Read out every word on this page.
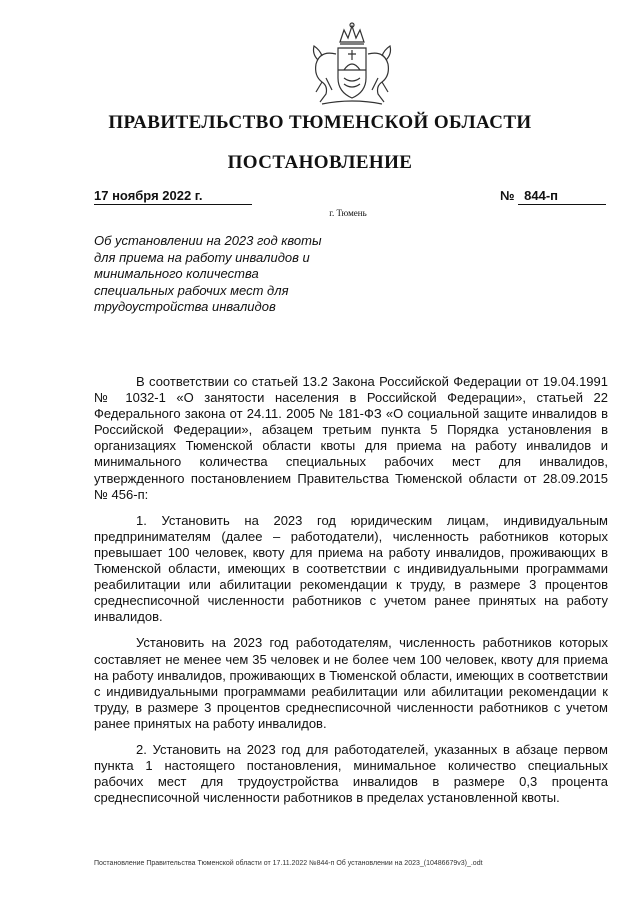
ПРАВИТЕЛЬСТВО ТЮМЕНСКОЙ ОБЛАСТИ
ПОСТАНОВЛЕНИЕ
17 ноября 2022 г.	№ 844-п
г. Тюмень

Об установлении на 2023 год квоты для приема на работу инвалидов и минимального количества специальных рабочих мест для трудоустройства инвалидов

В соответствии со статьей 13.2 Закона Российской Федерации от 19.04.1991 № 1032-1 «О занятости населения в Российской Федерации», статьей 22 Федерального закона от 24.11. 2005 № 181-ФЗ «О социальной защите инвалидов в Российской Федерации», абзацем третьим пункта 5 Порядка установления в организациях Тюменской области квоты для приема на работу инвалидов и минимального количества специальных рабочих мест для инвалидов, утвержденного постановлением Правительства Тюменской области от 28.09.2015 № 456-п:

1. Установить на 2023 год юридическим лицам, индивидуальным предпринимателям (далее – работодатели), численность работников которых превышает 100 человек, квоту для приема на работу инвалидов, проживающих в Тюменской области, имеющих в соответствии с индивидуальными программами реабилитации или абилитации рекомендации к труду, в размере 3 процентов среднесписочной численности работников с учетом ранее принятых на работу инвалидов.

Установить на 2023 год работодателям, численность работников которых составляет не менее чем 35 человек и не более чем 100 человек, квоту для приема на работу инвалидов, проживающих в Тюменской области, имеющих в соответствии с индивидуальными программами реабилитации или абилитации рекомендации к труду, в размере 3 процентов среднесписочной численности работников с учетом ранее принятых на работу инвалидов.

2. Установить на 2023 год для работодателей, указанных в абзаце первом пункта 1 настоящего постановления, минимальное количество специальных рабочих мест для трудоустройства инвалидов в размере 0,3 процента среднесписочной численности работников в пределах установленной квоты.

Постановление Правительства Тюменской области от 17.11.2022 №844-п Об установлении на 2023_(10486679v3)_.odt
